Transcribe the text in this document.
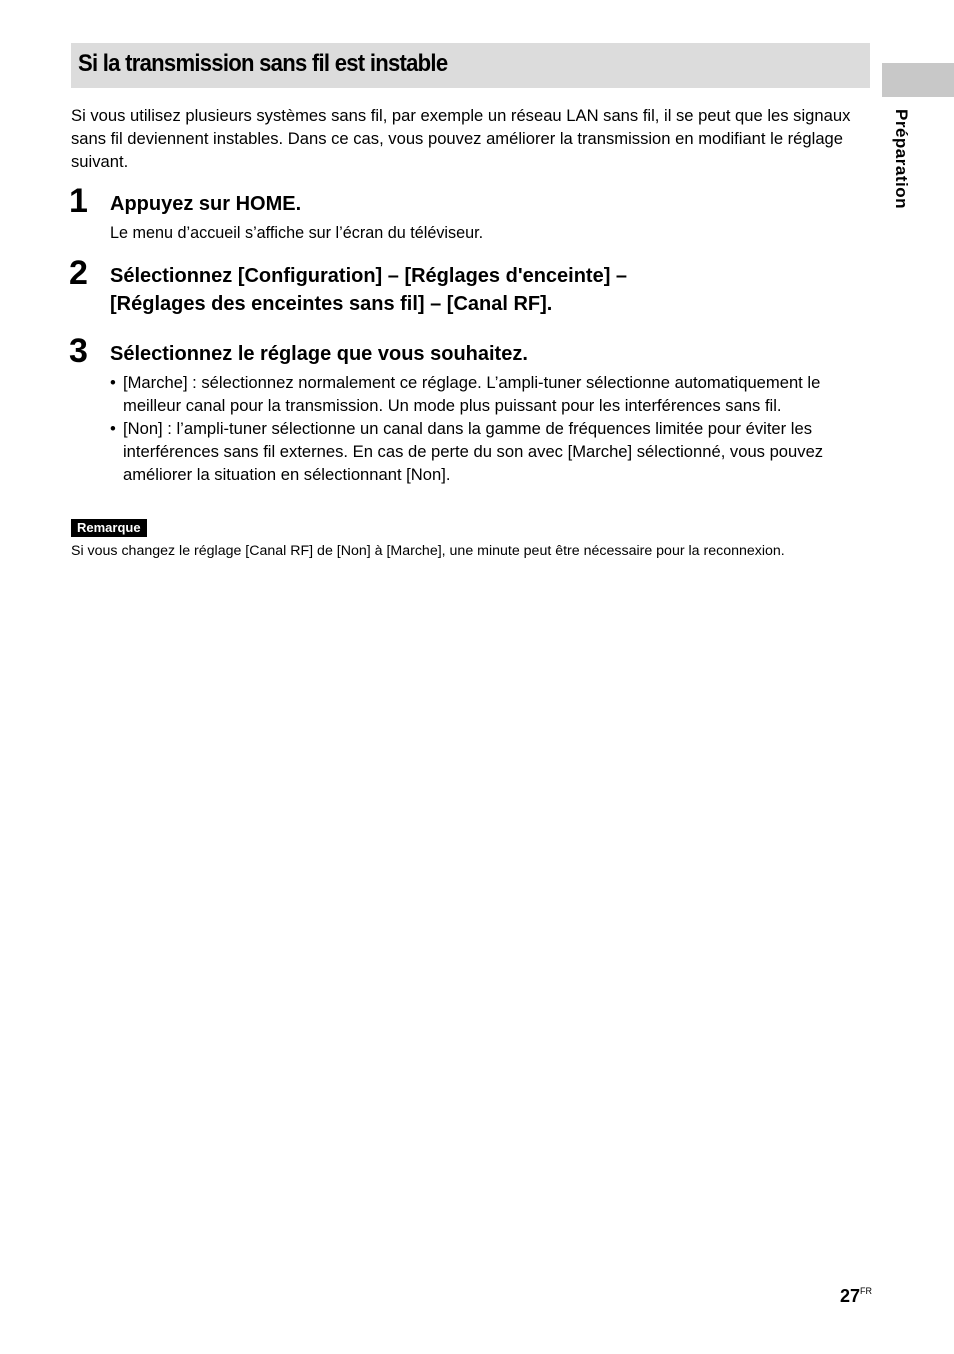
Si la transmission sans fil est instable
Préparation

Si vous utilisez plusieurs systèmes sans fil, par exemple un réseau LAN sans fil, il se peut que les signaux sans fil deviennent instables. Dans ce cas, vous pouvez améliorer la transmission en modifiant le réglage suivant.

1 Appuyez sur HOME.
Le menu d’accueil s’affiche sur l’écran du téléviseur.
2 Sélectionnez [Configuration] – [Réglages d'enceinte] –
[Réglages des enceintes sans fil] – [Canal RF].
3 Sélectionnez le réglage que vous souhaitez.
• [Marche] : sélectionnez normalement ce réglage. L’ampli-tuner sélectionne automatiquement le meilleur canal pour la transmission. Un mode plus puissant pour les interférences sans fil.
• [Non] : l’ampli-tuner sélectionne un canal dans la gamme de fréquences limitée pour éviter les interférences sans fil externes. En cas de perte du son avec [Marche] sélectionné, vous pouvez améliorer la situation en sélectionnant [Non].
Remarque
Si vous changez le réglage [Canal RF] de [Non] à [Marche], une minute peut être nécessaire pour la reconnexion.
$27^{FR}$
